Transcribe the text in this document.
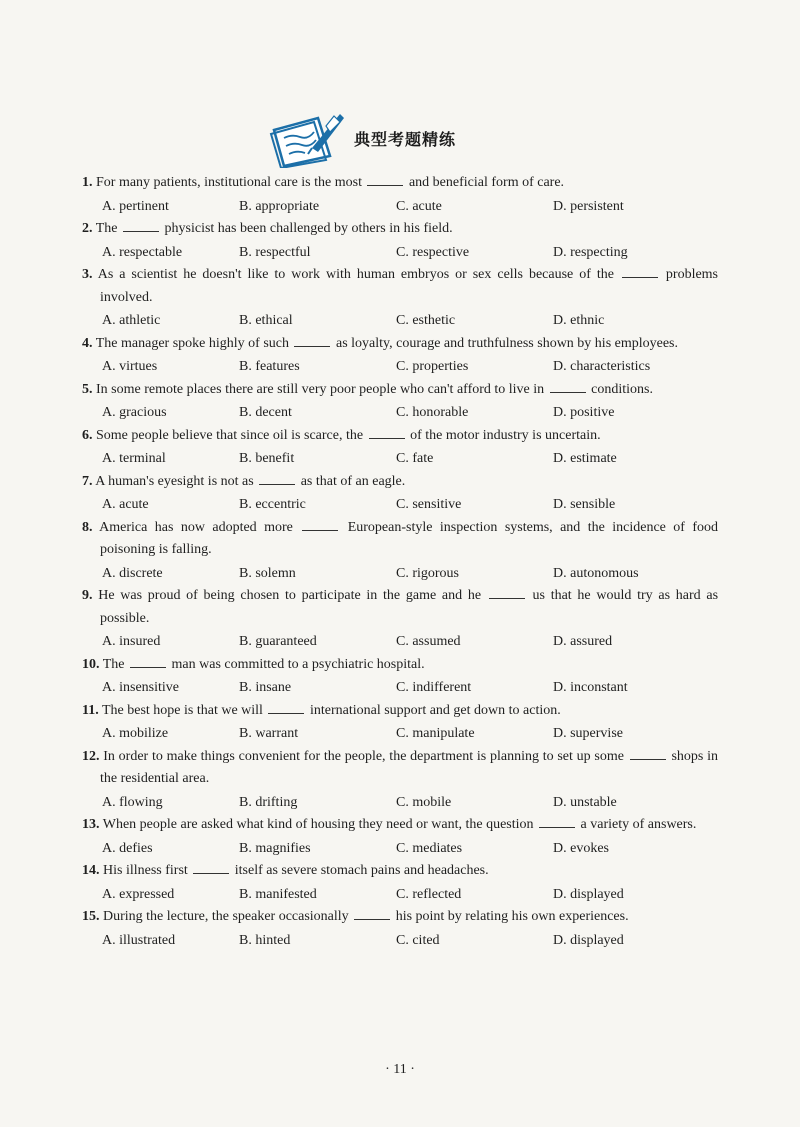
典型考题精练
1. For many patients, institutional care is the most	and beneficial form of care.
A. pertinent	B. appropriate	C. acute	D. persistent
2. The	physicist has been challenged by others in his field.
A. respectable	B. respectful	C. respective	D. respecting
3. As a scientist he doesn't like to work with human embryos or sex cells because of the	problems involved.
A. athletic	B. ethical	C. esthetic	D. ethnic
4. The manager spoke highly of such	as loyalty, courage and truthfulness shown by his employees.
A. virtues	B. features	C. properties	D. characteristics
5. In some remote places there are still very poor people who can't afford to live in	conditions.
A. gracious	B. decent	C. honorable	D. positive
6. Some people believe that since oil is scarce, the	of the motor industry is uncertain.
A. terminal	B. benefit	C. fate	D. estimate
7. A human's eyesight is not as	as that of an eagle.
A. acute	B. eccentric	C. sensitive	D. sensible
8. America has now adopted more	European-style inspection systems, and the incidence of food poisoning is falling.
A. discrete	B. solemn	C. rigorous	D. autonomous
9. He was proud of being chosen to participate in the game and he	us that he would try as hard as possible.
A. insured	B. guaranteed	C. assumed	D. assured
10. The	man was committed to a psychiatric hospital.
A. insensitive	B. insane	C. indifferent	D. inconstant
11. The best hope is that we will	international support and get down to action.
A. mobilize	B. warrant	C. manipulate	D. supervise
12. In order to make things convenient for the people, the department is planning to set up some	shops in the residential area.
A. flowing	B. drifting	C. mobile	D. unstable
13. When people are asked what kind of housing they need or want, the question	a variety of answers.
A. defies	B. magnifies	C. mediates	D. evokes
14. His illness first	itself as severe stomach pains and headaches.
A. expressed	B. manifested	C. reflected	D. displayed
15. During the lecture, the speaker occasionally	his point by relating his own experiences.
A. illustrated	B. hinted	C. cited	D. displayed
· 11 ·
